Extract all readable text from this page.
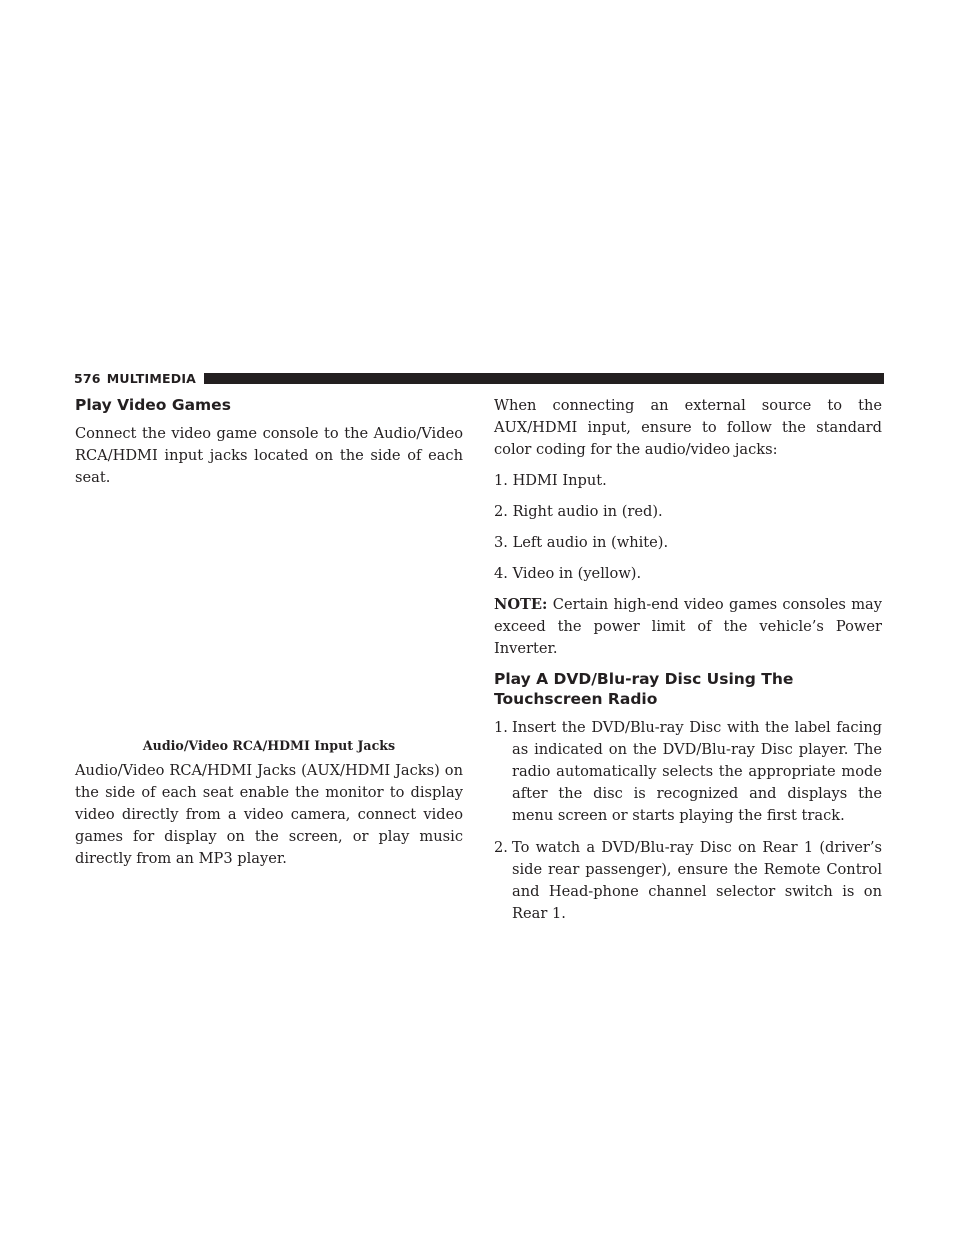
576 MULTIMEDIA
Play Video Games

Connect the video game console to the Audio/Video RCA/HDMI input jacks located on the side of each seat.

Audio/Video RCA/HDMI Input Jacks

Audio/Video RCA/HDMI Jacks (AUX/HDMI Jacks) on the side of each seat enable the monitor to display video directly from a video camera, connect video games for display on the screen, or play music directly from an MP3 player.

When connecting an external source to the AUX/HDMI input, ensure to follow the standard color coding for the audio/video jacks:

1. HDMI Input.
2. Right audio in (red).
3. Left audio in (white).
4. Video in (yellow).

NOTE: Certain high-end video games consoles may exceed the power limit of the vehicle’s Power Inverter.

Play A DVD/Blu-ray Disc Using The Touchscreen Radio
1. Insert the DVD/Blu-ray Disc with the label facing as indicated on the DVD/Blu-ray Disc player. The radio automatically selects the appropriate mode after the disc is recognized and displays the menu screen or starts playing the first track.
2. To watch a DVD/Blu-ray Disc on Rear 1 (driver’s side rear passenger), ensure the Remote Control and Head-phone channel selector switch is on Rear 1.
